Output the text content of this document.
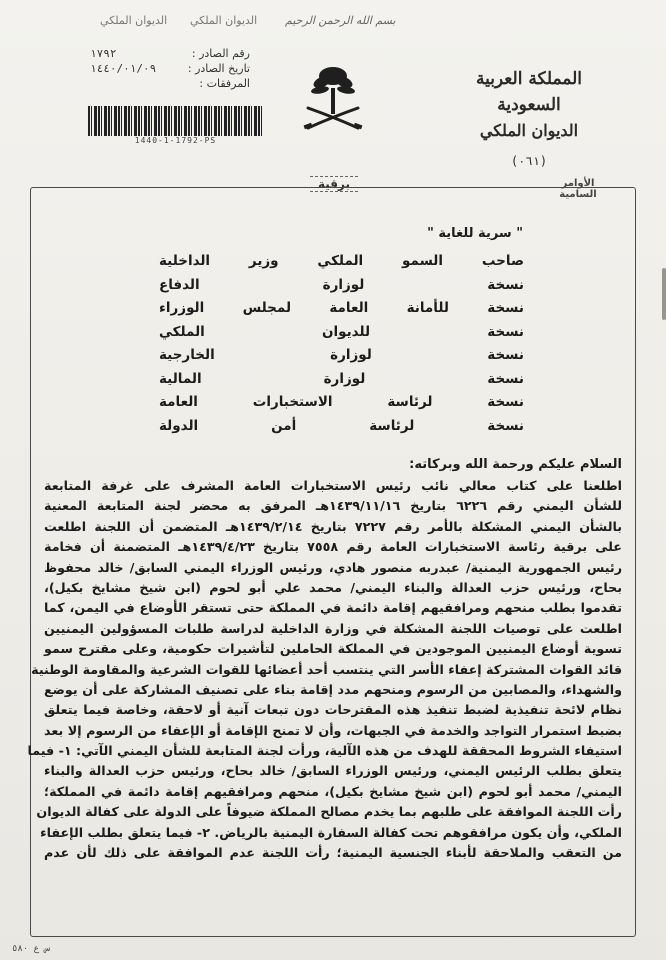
الديوان الملكي الديوان الملكي	بسم الله الرحمن الرحيم
١٧٩٢	رقم الصادر :
١٤٤٠/٠١/٠٩	تاريخ الصادر :
المرفقات :
1440-1-1792-PS
المملكة العربية السعودية
الديوان الملكي
(٠٦١)
الأوامر السامية
برقية
" سرية للغاية "
صاحب السمو الملكي وزير الداخلية
نسخة لوزارة الدفاع
نسخة للأمانة العامة لمجلس الوزراء
نسخة للديوان الملكي
نسخة لوزارة الخارجية
نسخة لوزارة المالية
نسخة لرئاسة الاستخبارات العامة
نسخة لرئاسة أمن الدولة
السلام عليكم ورحمة الله وبركاته:
اطلعنا على كتاب معالي نائب رئيس الاستخبارات العامة المشرف على غرفة المتابعة
للشأن اليمني رقم ٦٢٢٦ بتاريخ ١٤٣٩/١١/١٦هـ المرفق به محضر لجنة المتابعة المعنية
بالشأن اليمني المشكلة بالأمر رقم ٧٢٢٧ بتاريخ ١٤٣٩/٢/١٤هـ المتضمن أن اللجنة اطلعت
على برقية رئاسة الاستخبارات العامة رقم ٧٥٥٨ بتاريخ ١٤٣٩/٤/٢٣هـ المتضمنة أن فخامة
رئيس الجمهورية اليمنية/ عبدربه منصور هادي، ورئيس الوزراء اليمني السابق/ خالد محفوظ
بحاح، ورئيس حزب العدالة والبناء اليمني/ محمد علي أبو لحوم (ابن شيخ مشايخ بكيل)،
تقدموا بطلب منحهم ومرافقيهم إقامة دائمة في المملكة حتى تستقر الأوضاع في اليمن، كما
اطلعت على توصيات اللجنة المشكلة في وزارة الداخلية لدراسة طلبات المسؤولين اليمنيين
تسوية أوضاع اليمنيين الموجودين في المملكة الحاملين لتأشيرات حكومية، وعلى مقترح سمو
قائد القوات المشتركة إعفاء الأسر التي ينتسب أحد أعضائها للقوات الشرعية والمقاومة الوطنية
والشهداء، والمصابين من الرسوم ومنحهم مدد إقامة بناء على تصنيف المشاركة على أن يوضع
نظام لائحة تنفيذية لضبط تنفيذ هذه المقترحات دون تبعات آنية أو لاحقة، وخاصة فيما يتعلق
بضبط استمرار التواجد والخدمة في الجبهات، وأن لا تمنح الإقامة أو الإعفاء من الرسوم إلا بعد
استيفاء الشروط المحققة للهدف من هذه الآلية، ورأت لجنة المتابعة للشأن اليمني الآتي: ١- فيما
يتعلق بطلب الرئيس اليمني، ورئيس الوزراء السابق/ خالد بحاح، ورئيس حزب العدالة والبناء
اليمني/ محمد أبو لحوم (ابن شيخ مشايخ بكيل)، منحهم ومرافقيهم إقامة دائمة في المملكة؛
رأت اللجنة الموافقة على طلبهم بما يخدم مصالح المملكة ضيوفاً على الدولة على كفالة الديوان
الملكي، وأن يكون مرافقوهم تحت كفالة السفارة اليمنية بالرياض. ٢- فيما يتعلق بطلب الإعفاء
من التعقب والملاحقة لأبناء الجنسية اليمنية؛ رأت اللجنة عدم الموافقة على ذلك لأن عدم
س ع ٥٨٠
